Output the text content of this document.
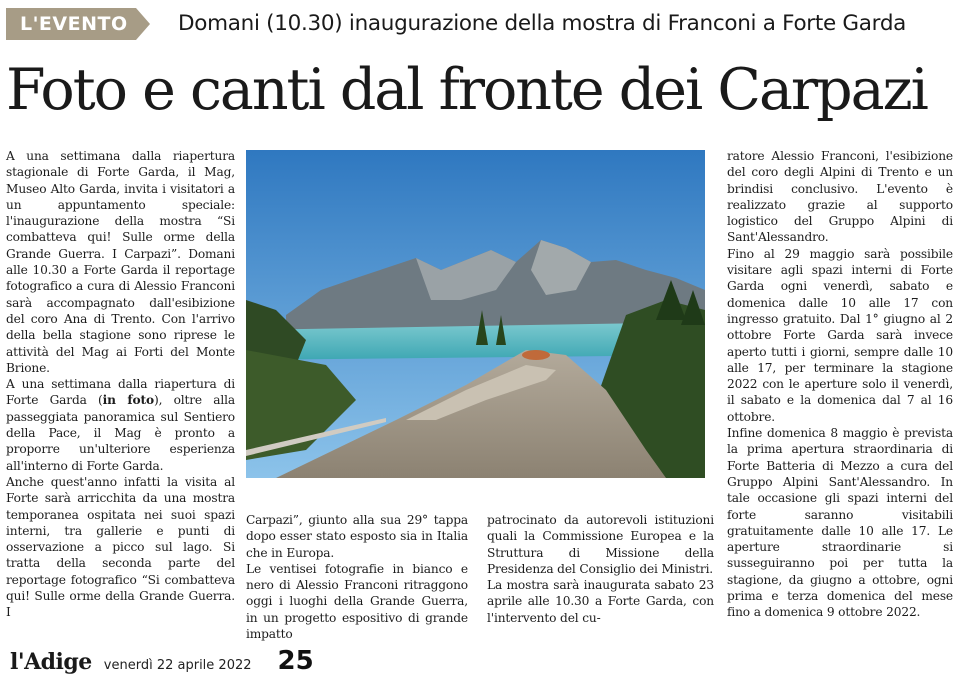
L'EVENTO	Domani (10.30) inaugurazione della mostra di Franconi a Forte Garda
Foto e canti dal fronte dei Carpazi

A una settimana dalla riapertura stagionale di Forte Garda, il Mag, Museo Alto Garda, invita i visitatori a un appuntamento speciale: l'inaugurazione della mostra “Si combatteva qui! Sulle orme della Grande Guerra. I Carpazi”. Domani alle 10.30 a Forte Garda il reportage fotografico a cura di Alessio Franconi sarà accompagnato dall'esibizione del coro Ana di Trento. Con l'arrivo della bella stagione sono riprese le attività del Mag ai Forti del Monte Brione.

A una settimana dalla riapertura di Forte Garda (in foto), oltre alla passeggiata panoramica sul Sentiero della Pace, il Mag è pronto a proporre un'ulteriore esperienza all'interno di Forte Garda.

Anche quest'anno infatti la visita al Forte sarà arricchita da una mostra temporanea ospitata nei suoi spazi interni, tra gallerie e punti di osservazione a picco sul lago. Si tratta della seconda parte del reportage fotografico “Si combatteva qui! Sulle orme della Grande Guerra. I

Carpazi”, giunto alla sua 29° tappa dopo esser stato esposto sia in Italia che in Europa.

Le ventisei fotografie in bianco e nero di Alessio Franconi ritraggono oggi i luoghi della Grande Guerra, in un progetto espositivo di grande impatto

patrocinato da autorevoli istituzioni quali la Commissione Europea e la Struttura di Missione della Presidenza del Consiglio dei Ministri.

La mostra sarà inaugurata sabato 23 aprile alle 10.30 a Forte Garda, con l'intervento del cu-

ratore Alessio Franconi, l'esibizione del coro degli Alpini di Trento e un brindisi conclusivo. L'evento è realizzato grazie al supporto logistico del Gruppo Alpini di Sant'Alessandro.

Fino al 29 maggio sarà possibile visitare agli spazi interni di Forte Garda ogni venerdì, sabato e domenica dalle 10 alle 17 con ingresso gratuito. Dal 1° giugno al 2 ottobre Forte Garda sarà invece aperto tutti i giorni, sempre dalle 10 alle 17, per terminare la stagione 2022 con le aperture solo il venerdì, il sabato e la domenica dal 7 al 16 ottobre.

Infine domenica 8 maggio è prevista la prima apertura straordinaria di Forte Batteria di Mezzo a cura del Gruppo Alpini Sant'Alessandro. In tale occasione gli spazi interni del forte saranno visitabili gratuitamente dalle 10 alle 17. Le aperture straordinarie si susseguiranno poi per tutta la stagione, da giugno a ottobre, ogni prima e terza domenica del mese fino a domenica 9 ottobre 2022.

l'Adige venerdì 22 aprile 2022 25
